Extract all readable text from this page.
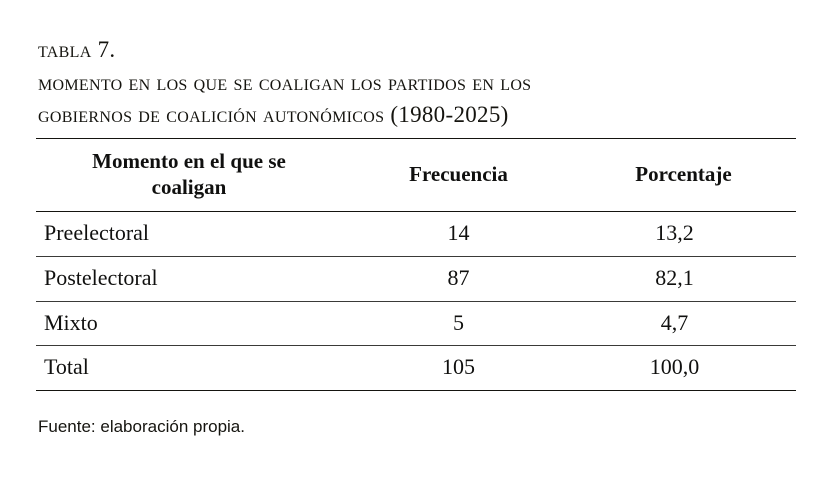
tabla 7.
momento en los que se coaligan los partidos en los
gobiernos de coalición autonómicos (1980-2025)
Momento en el que se coaligan	Frecuencia	Porcentaje
Preelectoral	14	13,2
Postelectoral	87	82,1
Mixto	5	4,7
Total	105	100,0
Fuente: elaboración propia.
